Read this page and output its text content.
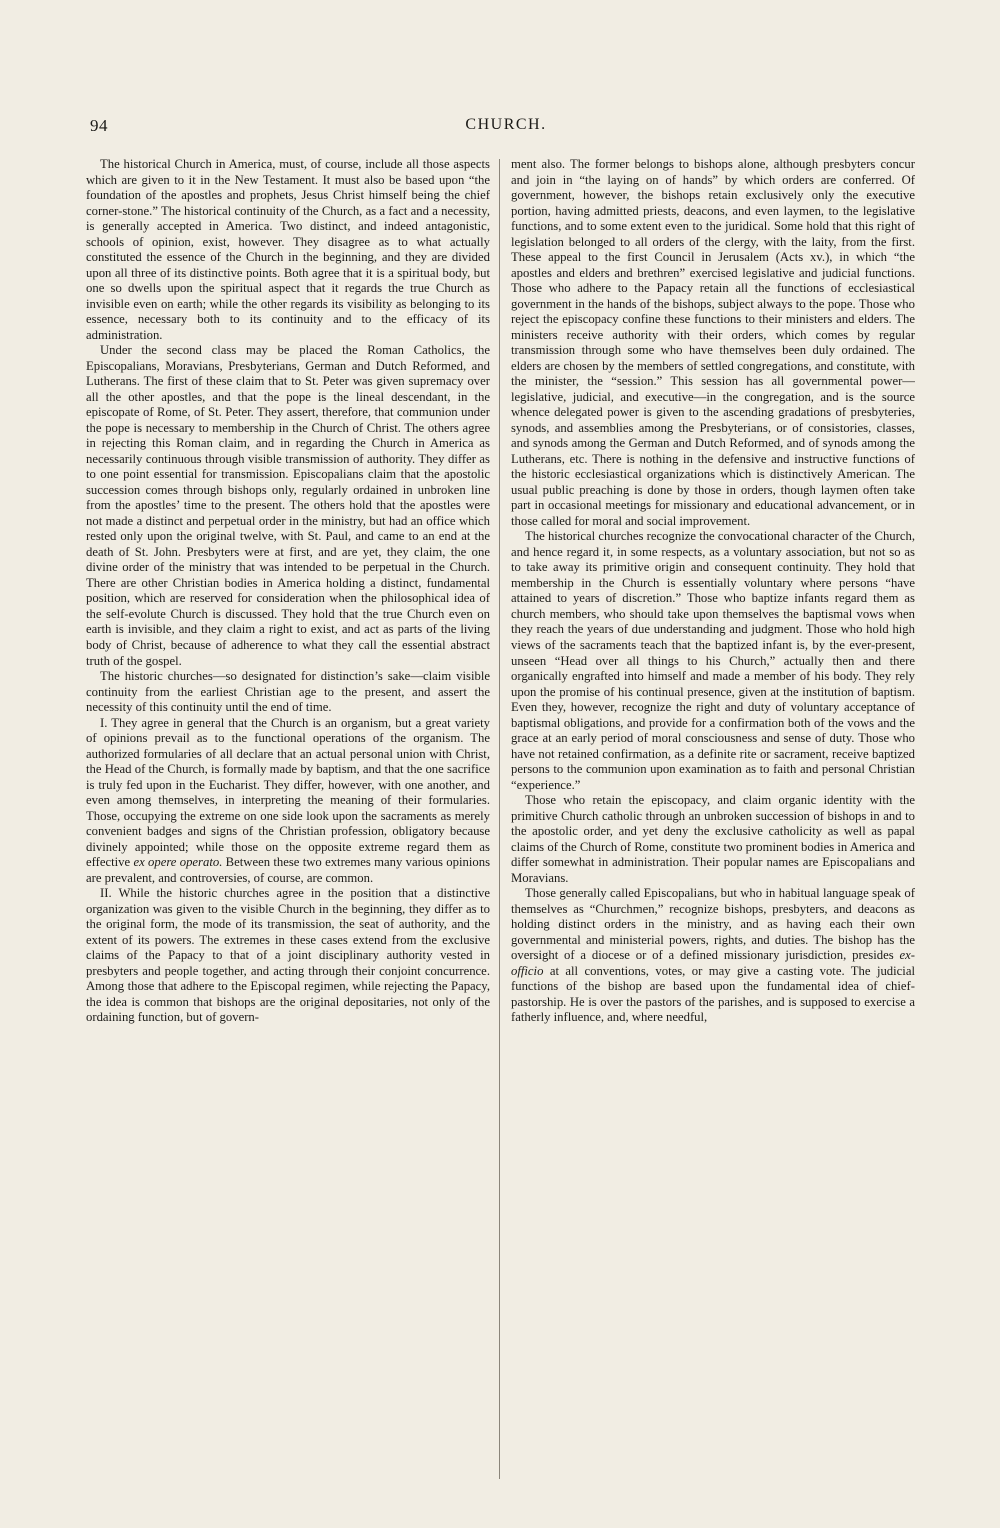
94	CHURCH.

The historical Church in America, must, of course, include all those aspects which are given to it in the New Testament. It must also be based upon “the foundation of the apostles and prophets, Jesus Christ himself being the chief corner-stone.” The historical continuity of the Church, as a fact and a necessity, is generally accepted in America. Two distinct, and indeed antagonistic, schools of opinion, exist, however. They disagree as to what actually constituted the essence of the Church in the beginning, and they are divided upon all three of its distinctive points. Both agree that it is a spiritual body, but one so dwells upon the spiritual aspect that it regards the true Church as invisible even on earth; while the other regards its visibility as belonging to its essence, necessary both to its continuity and to the efficacy of its administration.

Under the second class may be placed the Roman Catholics, the Episcopalians, Moravians, Presbyterians, German and Dutch Reformed, and Lutherans. The first of these claim that to St. Peter was given supremacy over all the other apostles, and that the pope is the lineal descendant, in the episcopate of Rome, of St. Peter. They assert, therefore, that communion under the pope is necessary to membership in the Church of Christ. The others agree in rejecting this Roman claim, and in regarding the Church in America as necessarily continuous through visible transmission of authority. They differ as to one point essential for transmission. Episcopalians claim that the apostolic succession comes through bishops only, regularly ordained in unbroken line from the apostles’ time to the present. The others hold that the apostles were not made a distinct and perpetual order in the ministry, but had an office which rested only upon the original twelve, with St. Paul, and came to an end at the death of St. John. Presbyters were at first, and are yet, they claim, the one divine order of the ministry that was intended to be perpetual in the Church. There are other Christian bodies in America holding a distinct, fundamental position, which are reserved for consideration when the philosophical idea of the self-evolute Church is discussed. They hold that the true Church even on earth is invisible, and they claim a right to exist, and act as parts of the living body of Christ, because of adherence to what they call the essential abstract truth of the gospel.

The historic churches—so designated for distinction’s sake—claim visible continuity from the earliest Christian age to the present, and assert the necessity of this continuity until the end of time.

I. They agree in general that the Church is an organism, but a great variety of opinions prevail as to the functional operations of the organism. The authorized formularies of all declare that an actual personal union with Christ, the Head of the Church, is formally made by baptism, and that the one sacrifice is truly fed upon in the Eucharist. They differ, however, with one another, and even among themselves, in interpreting the meaning of their formularies. Those, occupying the extreme on one side look upon the sacraments as merely convenient badges and signs of the Christian profession, obligatory because divinely appointed; while those on the opposite extreme regard them as effective ex opere operato. Between these two extremes many various opinions are prevalent, and controversies, of course, are common.

II. While the historic churches agree in the position that a distinctive organization was given to the visible Church in the beginning, they differ as to the original form, the mode of its transmission, the seat of authority, and the extent of its powers. The extremes in these cases extend from the exclusive claims of the Papacy to that of a joint disciplinary authority vested in presbyters and people together, and acting through their conjoint concurrence. Among those that adhere to the Episcopal regimen, while rejecting the Papacy, the idea is common that bishops are the original depositaries, not only of the ordaining function, but of govern-

ment also. The former belongs to bishops alone, although presbyters concur and join in “the laying on of hands” by which orders are conferred. Of government, however, the bishops retain exclusively only the executive portion, having admitted priests, deacons, and even laymen, to the legislative functions, and to some extent even to the juridical. Some hold that this right of legislation belonged to all orders of the clergy, with the laity, from the first. These appeal to the first Council in Jerusalem (Acts xv.), in which “the apostles and elders and brethren” exercised legislative and judicial functions. Those who adhere to the Papacy retain all the functions of ecclesiastical government in the hands of the bishops, subject always to the pope. Those who reject the episcopacy confine these functions to their ministers and elders. The ministers receive authority with their orders, which comes by regular transmission through some who have themselves been duly ordained. The elders are chosen by the members of settled congregations, and constitute, with the minister, the “session.” This session has all governmental power—legislative, judicial, and executive—in the congregation, and is the source whence delegated power is given to the ascending gradations of presbyteries, synods, and assemblies among the Presbyterians, or of consistories, classes, and synods among the German and Dutch Reformed, and of synods among the Lutherans, etc. There is nothing in the defensive and instructive functions of the historic ecclesiastical organizations which is distinctively American. The usual public preaching is done by those in orders, though laymen often take part in occasional meetings for missionary and educational advancement, or in those called for moral and social improvement.

The historical churches recognize the convocational character of the Church, and hence regard it, in some respects, as a voluntary association, but not so as to take away its primitive origin and consequent continuity. They hold that membership in the Church is essentially voluntary where persons “have attained to years of discretion.” Those who baptize infants regard them as church members, who should take upon themselves the baptismal vows when they reach the years of due understanding and judgment. Those who hold high views of the sacraments teach that the baptized infant is, by the ever-present, unseen “Head over all things to his Church,” actually then and there organically engrafted into himself and made a member of his body. They rely upon the promise of his continual presence, given at the institution of baptism. Even they, however, recognize the right and duty of voluntary acceptance of baptismal obligations, and provide for a confirmation both of the vows and the grace at an early period of moral consciousness and sense of duty. Those who have not retained confirmation, as a definite rite or sacrament, receive baptized persons to the communion upon examination as to faith and personal Christian “experience.”

Those who retain the episcopacy, and claim organic identity with the primitive Church catholic through an unbroken succession of bishops in and to the apostolic order, and yet deny the exclusive catholicity as well as papal claims of the Church of Rome, constitute two prominent bodies in America and differ somewhat in administration. Their popular names are Episcopalians and Moravians.

Those generally called Episcopalians, but who in habitual language speak of themselves as “Churchmen,” recognize bishops, presbyters, and deacons as holding distinct orders in the ministry, and as having each their own governmental and ministerial powers, rights, and duties. The bishop has the oversight of a diocese or of a defined missionary jurisdiction, presides ex-officio at all conventions, votes, or may give a casting vote. The judicial functions of the bishop are based upon the fundamental idea of chief-pastorship. He is over the pastors of the parishes, and is supposed to exercise a fatherly influence, and, where needful,
